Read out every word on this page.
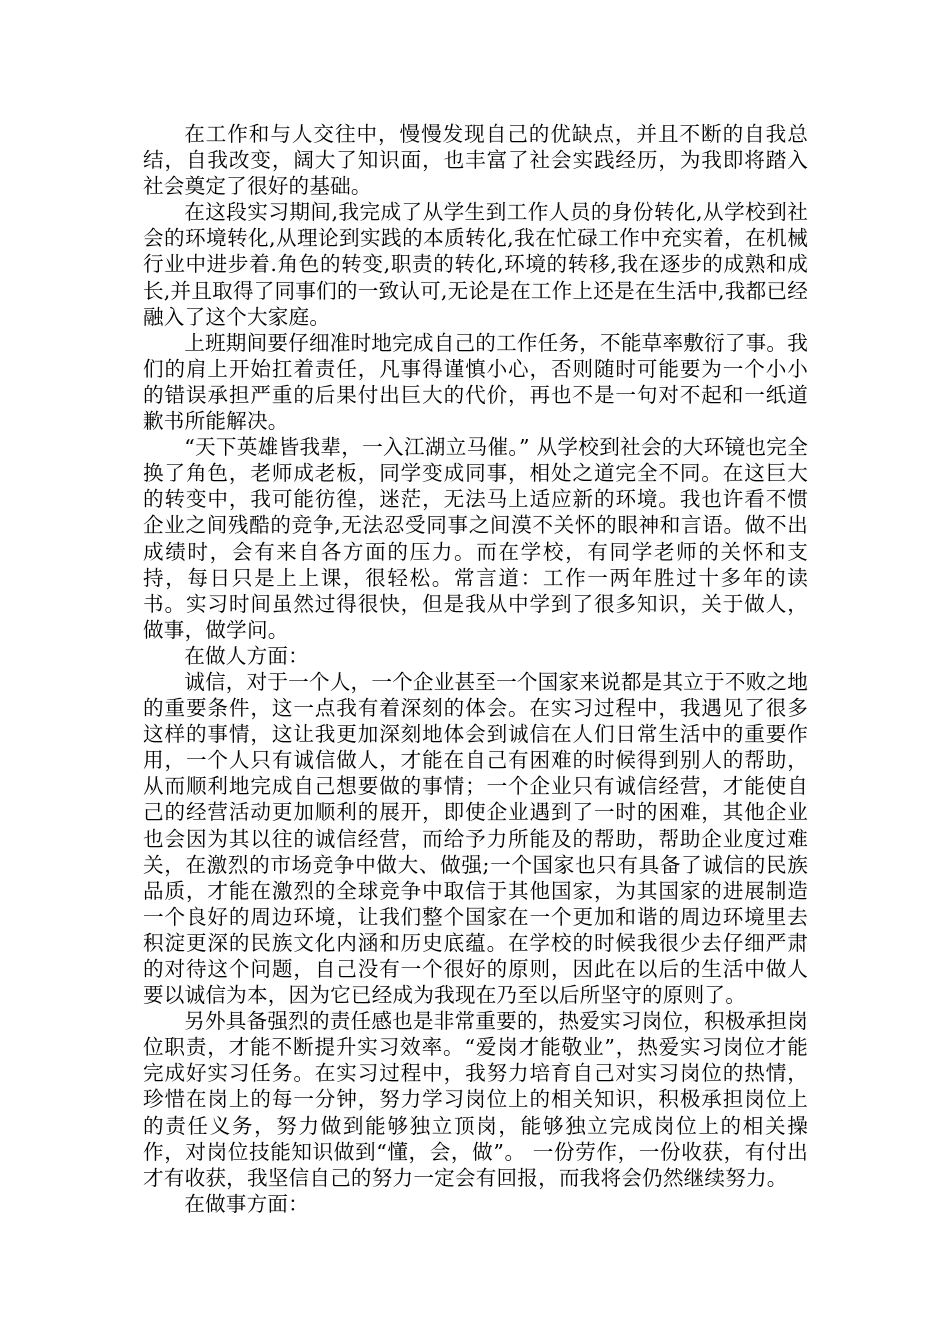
在工作和与人交往中，慢慢发现自己的优缺点，并且不断的自我总结，自我改变，阔大了知识面，也丰富了社会实践经历，为我即将踏入社会奠定了很好的基础。

在这段实习期间,我完成了从学生到工作人员的身份转化,从学校到社会的环境转化,从理论到实践的本质转化,我在忙碌工作中充实着，在机械行业中进步着.角色的转变,职责的转化,环境的转移,我在逐步的成熟和成长,并且取得了同事们的一致认可,无论是在工作上还是在生活中,我都已经融入了这个大家庭。

上班期间要仔细准时地完成自己的工作任务，不能草率敷衍了事。我们的肩上开始扛着责任，凡事得谨慎小心，否则随时可能要为一个小小的错误承担严重的后果付出巨大的代价，再也不是一句对不起和一纸道歉书所能解决。

“天下英雄皆我辈，一入江湖立马催。” 从学校到社会的大环镜也完全换了角色，老师成老板，同学变成同事，相处之道完全不同。在这巨大的转变中，我可能彷徨，迷茫，无法马上适应新的环境。我也许看不惯企业之间残酷的竞争,无法忍受同事之间漠不关怀的眼神和言语。做不出成绩时，会有来自各方面的压力。而在学校，有同学老师的关怀和支持，每日只是上上课，很轻松。常言道：工作一两年胜过十多年的读书。实习时间虽然过得很快，但是我从中学到了很多知识，关于做人，做事，做学问。

在做人方面：

诚信，对于一个人，一个企业甚至一个国家来说都是其立于不败之地的重要条件，这一点我有着深刻的体会。在实习过程中，我遇见了很多这样的事情，这让我更加深刻地体会到诚信在人们日常生活中的重要作用，一个人只有诚信做人，才能在自己有困难的时候得到别人的帮助，从而顺利地完成自己想要做的事情；一个企业只有诚信经营，才能使自己的经营活动更加顺利的展开，即使企业遇到了一时的困难，其他企业也会因为其以往的诚信经营，而给予力所能及的帮助，帮助企业度过难关，在激烈的市场竞争中做大、做强;一个国家也只有具备了诚信的民族品质，才能在激烈的全球竞争中取信于其他国家，为其国家的进展制造一个良好的周边环境，让我们整个国家在一个更加和谐的周边环境里去积淀更深的民族文化内涵和历史底蕴。在学校的时候我很少去仔细严肃的对待这个问题，自己没有一个很好的原则，因此在以后的生活中做人要以诚信为本，因为它已经成为我现在乃至以后所坚守的原则了。

另外具备强烈的责任感也是非常重要的，热爱实习岗位，积极承担岗位职责，才能不断提升实习效率。“爱岗才能敬业”，热爱实习岗位才能完成好实习任务。在实习过程中，我努力培育自己对实习岗位的热情，珍惜在岗上的每一分钟，努力学习岗位上的相关知识，积极承担岗位上的责任义务，努力做到能够独立顶岗，能够独立完成岗位上的相关操作，对岗位技能知识做到“懂，会，做”。 一份劳作，一份收获，有付出才有收获，我坚信自己的努力一定会有回报，而我将会仍然继续努力。

在做事方面：
